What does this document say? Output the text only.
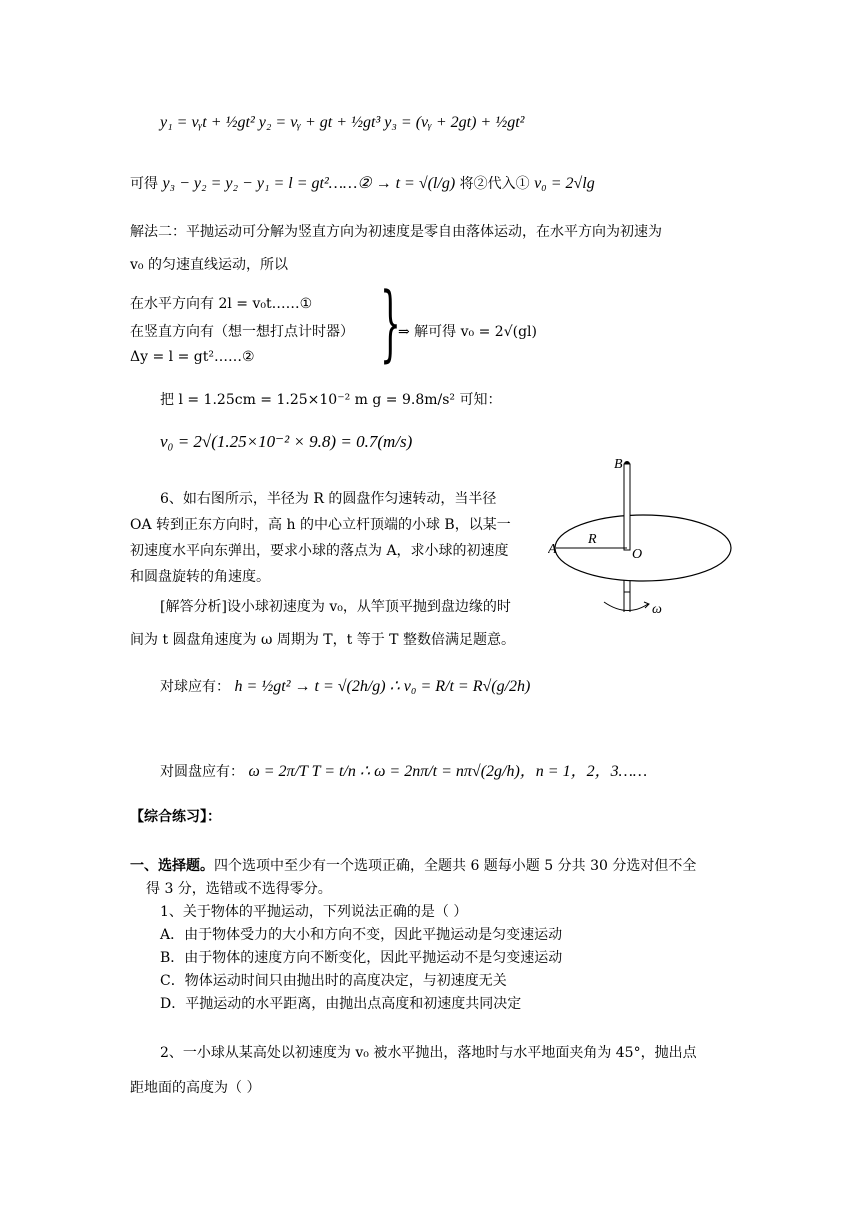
y₁ = vᵧt + ½gt² y₂ = vᵧ + gt + ½gt³ y₃ = (vᵧ + 2gt) + ½gt²
可得 y₃ − y₂ = y₂ − y₁ = l = gt²……② → t = √(l/g) 将②代入① v₀ = 2√lg
解法二：平抛运动可分解为竖直方向为初速度是零自由落体运动，在水平方向为初速为
v₀ 的匀速直线运动，所以
在水平方向有 2l = v₀t……①
在竖直方向有（想一想打点计时器）
Δy = l = gt²……② }
⇒ 解可得 v₀ = 2√(gl)
把 l = 1.25cm = 1.25×10⁻² m g = 9.8m/s² 可知：
v₀ = 2√(1.25×10⁻² × 9.8) = 0.7(m/s)
6、如右图所示，半径为 R 的圆盘作匀速转动，当半径
OA 转到正东方向时，高 h 的中心立杆顶端的小球 B，以某一
初速度水平向东弹出，要求小球的落点为 A，求小球的初速度
和圆盘旋转的角速度。
[解答分析]设小球初速度为 v₀，从竿顶平抛到盘边缘的时
间为 t 圆盘角速度为 ω 周期为 T，t 等于 T 整数倍满足题意。
B
A
R
O
ω
对球应有： h = ½gt² → t = √(2h/g) ∴ v₀ = R/t = R√(g/2h)
对圆盘应有： ω = 2π/T T = t/n ∴ ω = 2nπ/t = nπ√(2g/h)，n = 1，2，3……
【综合练习】：
一、选择题。四个选项中至少有一个选项正确，全题共 6 题每小题 5 分共 30 分选对但不全
得 3 分，选错或不选得零分。
1、关于物体的平抛运动，下列说法正确的是（ ）
A．由于物体受力的大小和方向不变，因此平抛运动是匀变速运动
B．由于物体的速度方向不断变化，因此平抛运动不是匀变速运动
C．物体运动时间只由抛出时的高度决定，与初速度无关
D．平抛运动的水平距离，由抛出点高度和初速度共同决定
2、一小球从某高处以初速度为 v₀ 被水平抛出，落地时与水平地面夹角为 45°，抛出点
距地面的高度为（ ）
